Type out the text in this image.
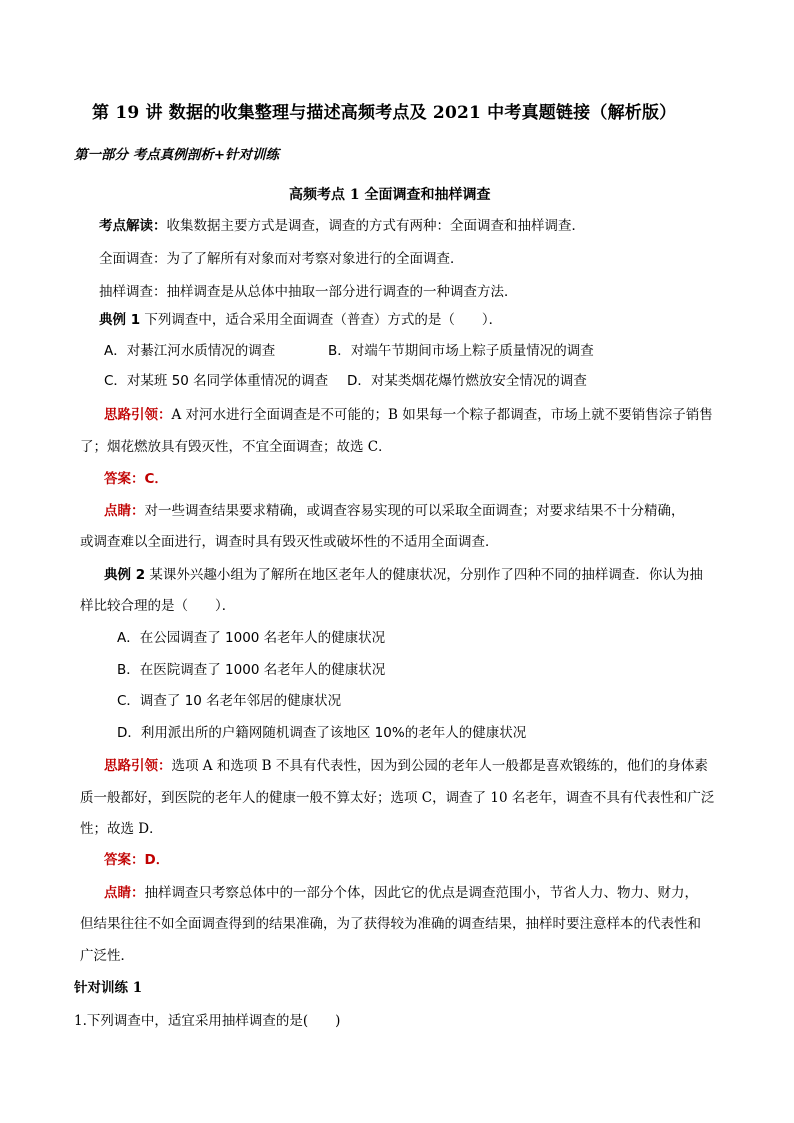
第 19 讲 数据的收集整理与描述高频考点及 2021 中考真题链接（解析版）
第一部分 考点真例剖析+针对训练
高频考点 1 全面调查和抽样调查
考点解读：收集数据主要方式是调查，调查的方式有两种：全面调查和抽样调查．
全面调查：为了了解所有对象而对考察对象进行的全面调查．
抽样调查：抽样调查是从总体中抽取一部分进行调查的一种调查方法．
典例 1 下列调查中，适合采用全面调查（普查）方式的是（　　）．
A．对綦江河水质情况的调查	B．对端午节期间市场上粽子质量情况的调查
C．对某班 50 名同学体重情况的调查 D．对某类烟花爆竹燃放安全情况的调查
思路引领：A 对河水进行全面调查是不可能的；B 如果每一个粽子都调查，市场上就不要销售淙子销售
了；烟花燃放具有毁灭性，不宜全面调查；故选 C．
答案：C．
点睛：对一些调查结果要求精确，或调查容易实现的可以采取全面调查；对要求结果不十分精确，
或调查难以全面进行，调查时具有毁灭性或破坏性的不适用全面调查．
典例 2 某课外兴趣小组为了解所在地区老年人的健康状况，分别作了四种不同的抽样调查．你认为抽
样比较合理的是（　　）．
A．在公园调查了 1000 名老年人的健康状况
B．在医院调查了 1000 名老年人的健康状况
C．调查了 10 名老年邻居的健康状况
D．利用派出所的户籍网随机调查了该地区 10%的老年人的健康状况
思路引领：选项 A 和选项 B 不具有代表性，因为到公园的老年人一般都是喜欢锻练的，他们的身体素
质一般都好，到医院的老年人的健康一般不算太好；选项 C，调查了 10 名老年，调查不具有代表性和广泛
性；故选 D．
答案：D．
点睛：抽样调查只考察总体中的一部分个体，因此它的优点是调查范围小，节省人力、物力、财力，
但结果往往不如全面调查得到的结果准确，为了获得较为准确的调查结果，抽样时要注意样本的代表性和
广泛性．
针对训练 1
1.下列调查中，适宜采用抽样调查的是(　　)
